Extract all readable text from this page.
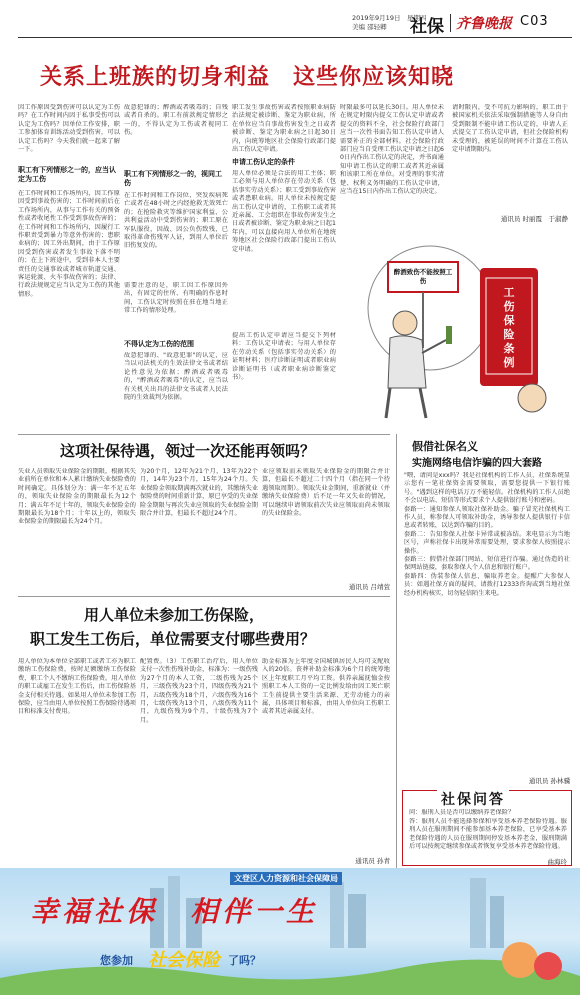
2019年9月19日　星期四
美编 邵轻卿 社保 齐鲁晚报 C03
关系上班族的切身利益　这些你应该知晓
因工作原因受到伤害可以认定为工伤吗？在工作时间内因于私事受伤可以认定为工伤吗？因单位工作安排，职工参加体育训练活动受到伤害，可以认定工伤吗？今天我们就一起来了解一下。
职工有下列情形之一的，应当认定为工伤
在工作时间和工作场所内，因工作原因受到事故伤害的；工作时间前后在工作场所内，从事与工作有关的预备性或者收尾性工作受到事故伤害的；在工作时间和工作场所内，因履行工作职责受到暴力等意外伤害的；患职业病的；因工外出期间，由于工作原因受到伤害或者发生事故下落不明的；在上下班途中，受到非本人主要责任的交通事故或者城市轨道交通、客运轮渡、火车事故伤害的；法律、行政法规规定应当认定为工伤的其他情形。
故意犯罪的；醉酒或者吸毒的；自残或者自杀的。职工有前款规定情形之一的，不得认定为工伤或者视同工伤。
职工有下列情形之一的，视同工伤
在工作时间和工作岗位，突发疾病死亡或者在48小时之内经抢救无效死亡的；在抢险救灾等维护国家利益、公共利益活动中受到伤害的；职工原在军队服役，因战、因公负伤致残，已取得革命伤残军人证，到用人单位后旧伤复发的。
需要注意的是，职工因工作原因外出，有固定的住所、有明确的作息时间，工伤认定时按照在驻在地当地正常工作的情形处理。
不得认定为工伤的范围
故意犯罪的、"故意犯罪"的认定，应当以司法机关的生效法律文书或者结论性意见为依据；醉酒或者吸毒的，"醉酒或者吸毒"的认定，应当以有关机关出具的法律文书或者人民法院的生效裁判为依据。
职工发生事故伤害或者按照职业病防治法规定被诊断、鉴定为职业病，所在单位应当自事故伤害发生之日或者被诊断、鉴定为职业病之日起30日内，向统筹地区社会保险行政部门提出工伤认定申请。
申请工伤认定的条件
用人单位必须是合法的用工主体；职工必须与用人单位存在劳动关系（包括事实劳动关系）；职工受到事故伤害或者患职业病。用人单位未按规定提出工伤认定申请的，工伤职工或者其近亲属、工会组织在事故伤害发生之日或者被诊断、鉴定为职业病之日起1年内，可以直接向用人单位所在地统筹地区社会保险行政部门提出工伤认定申请。
提出工伤认定申请应当提交下列材料：工伤认定申请表；与用人单位存在劳动关系（包括事实劳动关系）的证明材料；医疗诊断证明或者职业病诊断证明书（或者职业病诊断鉴定书）。
时限最多可以延长30日。用人单位未在规定时限内提交工伤认定申请或者提交的资料不全，社会保险行政部门应当一次性书面告知工伤认定申请人需要补正的全部材料。社会保险行政部门应当自受理工伤认定申请之日起60日内作出工伤认定的决定，并书面通知申请工伤认定的职工或者其近亲属和该职工所在单位。对受理的事实清楚、权利义务明确的工伤认定申请，应当在15日内作出工伤认定的决定。
请时限内，受不可抗力影响的，职工由于被国家机关依法采取强制措施等人身自由受到限制不能申请工伤认定的，申请人正式提交了工伤认定申请，但社会保险机构未受理的，被延误的时间不计算在工伤认定申请期限内。
通讯员 时丽霞　于淑静
醉酒致伤不能按照工伤
工伤保险条例
这项社保待遇，领过一次还能再领吗？
失业人员领取失业保险金的期限，根据其失业前所在单位和本人累计缴纳失业保险费的时间确定。具体划分为：满一年不足五年的，领取失业保险金的期限最长为12个月；满五年不足十年的，领取失业保险金的期限最长为18个月；十年以上的，领取失业保险金的期限最长为24个月。
为20个月，12年为21个月，13年为22个月，14年为23个月，15年为24个月。失业保险金领取期满再次就业的，其缴纳失业保险费的时间重新计算，原已享受的失业保险金期限与再次失业应领取的失业保险金期限合并计算，但最长不超过24个月。
业应领取而未领取失业保险金的期限合并计算，但最长不超过二十四个月（指在同一个待遇领取周期）。领取失业金期间，重新就业（并缴纳失业保险费）后不足一年又失业的情况，可以继续申请领取前次失业应领取而尚未领取的失业保险金。
通讯员 吕靖萱
用人单位未参加工伤保险，
职工发生工伤后，单位需要支付哪些费用？
用人单位为本单位全部职工或者工亦为职工缴纳工伤保险费，按时足额缴纳工伤保险费，职工个人不缴纳工伤保险费。用人单位的职工或雇工在发生工伤后，由工伤保险基金支付相关待遇。如果用人单位未参加工伤保险，应当由用人单位按照工伤保险待遇项目和标准支付费用。
配置费。（3）工伤职工治疗后，用人单位支付一次性伤残补助金，标准为：一级伤残为27个月的本人工资，二级伤残为25个月，三级伤残为23个月，四级伤残为21个月，五级伤残为18个月，六级伤残为16个月，七级伤残为13个月，八级伤残为11个月，九级伤残为9个月，十级伤残为7个月。
助金标准为上年度全国城镇居民人均可支配收入的20倍。丧葬补助金标准为6个月的统筹地区上年度职工月平均工资。供养亲属抚恤金按照职工本人工资的一定比例发给由因工死亡职工生前提供主要生活来源、无劳动能力的亲属，具体项目和标准，由用人单位向工伤职工或者其近亲属支付。
通讯员 孙青
假借社保名义
实施网络电信诈骗的四大套路
"喂，请问是xxx吗？我是社保机构的工作人员，社保系统显示您有一笔社保资金需要领取，需要您提供一下银行账号。"遇到这样的电话万万不能轻信。社保机构的工作人员绝不会以电话、短信等形式要求个人提供银行账号和密码。
套路一：通知参保人领取社保补助金。骗子冒充社保机构工作人员，称参保人可领取补助金，诱导参保人提供银行卡信息或者转账，以达到诈骗的目的。
套路二：告知参保人社保卡异常或被冻结。来电显示为当地区号，声称社保卡出现异常需要处理，要求参保人按照提示操作。
套路三：假借社保部门网站、短信进行诈骗。通过伪造的社保网站链接，套取参保人个人信息和银行账户。
套路四：伪装参保人信息，骗取养老金。提醒广大参保人员：如遇社保方面的疑问，请拨打12333咨询或到当地社保经办机构核实，切勿轻信陌生来电。
通讯员 孙林骥
社保问答
问：服刑人员是否可以缴纳养老保险？
答：服刑人员不能选择参保和享受基本养老保险待遇。服刑人员在服刑期间不能参加基本养老保险，已享受基本养老保险待遇的人员在服刑期间停发基本养老金，服刑期满后可以按规定继续参保或者恢复享受基本养老保险待遇。
曲海玲
文登区人力资源和社会保障局
幸福社保　相伴一生
您参加 社会保险 了吗？
